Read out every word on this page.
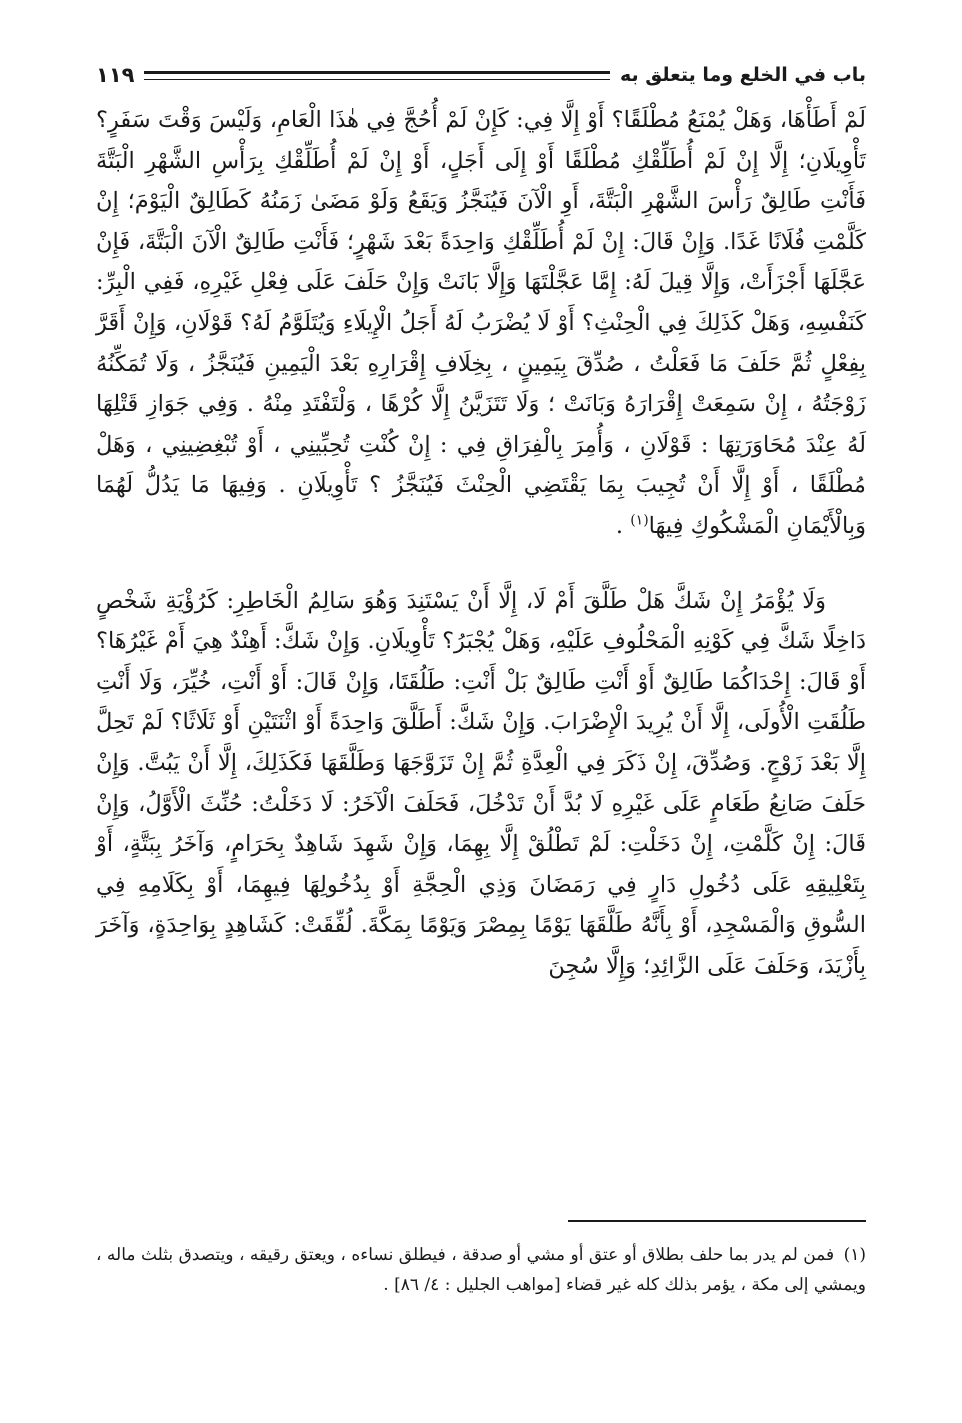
باب في الخلع وما يتعلق به
١١٩

لَمْ أَطَأْهَا، وَهَلْ يُمْنَعُ مُطْلَقًا؟ أَوْ إِلَّا فِي: كَإِنْ لَمْ أُحُجَّ فِي هٰذَا الْعَامِ، وَلَيْسَ وَقْتَ سَفَرٍ؟ تَأْوِيلَانِ؛ إِلَّا إِنْ لَمْ أُطَلِّقْكِ مُطْلَقًا أَوْ إِلَى أَجَلٍ، أَوْ إِنْ لَمْ أُطَلِّقْكِ بِرَأْسِ الشَّهْرِ الْبَتَّةَ فَأَنْتِ طَالِقٌ رَأْسَ الشَّهْرِ الْبَتَّةَ، أَوِ الْآنَ فَيُنَجَّزُ وَيَقَعُ وَلَوْ مَضَىٰ زَمَنُهُ كَطَالِقٌ الْيَوْمَ؛ إِنْ كَلَّمْتِ فُلَانًا غَدًا. وَإِنْ قَالَ: إِنْ لَمْ أُطَلِّقْكِ وَاحِدَةً بَعْدَ شَهْرٍ؛ فَأَنْتِ طَالِقٌ الْآنَ الْبَتَّةَ، فَإِنْ عَجَّلَهَا أَجْزَأَتْ، وَإِلَّا قِيلَ لَهُ: إِمَّا عَجَّلْتَهَا وَإِلَّا بَانَتْ وَإِنْ حَلَفَ عَلَى فِعْلِ غَيْرِهِ، فَفِي الْبِرِّ: كَنَفْسِهِ، وَهَلْ كَذَلِكَ فِي الْحِنْثِ؟ أَوْ لَا يُضْرَبُ لَهُ أَجَلُ الْإِيلَاءِ وَيُتَلَوَّمُ لَهُ؟ قَوْلَانِ، وَإِنْ أَقَرَّ بِفِعْلٍ ثُمَّ حَلَفَ مَا فَعَلْتُ ، صُدِّقَ بِيَمِينٍ ، بِخِلَافِ إِقْرَارِهِ بَعْدَ الْيَمِينِ فَيُنَجَّزُ ، وَلَا تُمَكِّنُهُ زَوْجَتُهُ ، إِنْ سَمِعَتْ إِقْرَارَهُ وَبَانَتْ ؛ وَلَا تَتَزَيَّنُ إِلَّا كُرْهًا ، وَلْتَفْتَدِ مِنْهُ . وَفِي جَوَازِ قَتْلِهَا لَهُ عِنْدَ مُحَاوَرَتِهَا : قَوْلَانِ ، وَأُمِرَ بِالْفِرَاقِ فِي : إِنْ كُنْتِ تُحِبِّينِي ، أَوْ تُبْغِضِينِي ، وَهَلْ مُطْلَقًا ، أَوْ إِلَّا أَنْ تُجِيبَ بِمَا يَقْتَضِي الْحِنْثَ فَيُنَجَّزُ ؟ تَأْوِيلَانِ . وَفِيهَا مَا يَدُلُّ لَهُمَا وَبِالْأَيْمَانِ الْمَشْكُوكِ فِيهَا$^{(١)}$ .

وَلَا يُؤْمَرُ إِنْ شَكَّ هَلْ طَلَّقَ أَمْ لَا، إِلَّا أَنْ يَسْتَنِدَ وَهُوَ سَالِمُ الْخَاطِرِ: كَرُؤْيَةِ شَخْصٍ دَاخِلًا شَكَّ فِي كَوْنِهِ الْمَحْلُوفِ عَلَيْهِ، وَهَلْ يُجْبَرُ؟ تَأْوِيلَانِ. وَإِنْ شَكَّ: أَهِنْدٌ هِيَ أَمْ غَيْرُهَا؟ أَوْ قَالَ: إِحْدَاكُمَا طَالِقٌ أَوْ أَنْتِ طَالِقٌ بَلْ أَنْتِ: طَلُقَتَا، وَإِنْ قَالَ: أَوْ أَنْتِ، خُيِّرَ، وَلَا أَنْتِ طَلُقَتِ الْأُولَى، إِلَّا أَنْ يُرِيدَ الْإِضْرَابَ. وَإِنْ شَكَّ: أَطَلَّقَ وَاحِدَةً أَوْ اثْنَتَيْنِ أَوْ ثَلَاثًا؟ لَمْ تَحِلَّ إِلَّا بَعْدَ زَوْجٍ. وَصُدِّقَ، إِنْ ذَكَرَ فِي الْعِدَّةِ ثُمَّ إِنْ تَزَوَّجَهَا وَطَلَّقَهَا فَكَذَلِكَ، إِلَّا أَنْ يَبُتَّ. وَإِنْ حَلَفَ صَانِعُ طَعَامٍ عَلَى غَيْرِهِ لَا بُدَّ أَنْ تَدْخُلَ، فَحَلَفَ الْآخَرُ: لَا دَخَلْتُ: حُنِّثَ الْأَوَّلُ، وَإِنْ قَالَ: إِنْ كَلَّمْتِ، إِنْ دَخَلْتِ: لَمْ تَطْلُقْ إِلَّا بِهِمَا، وَإِنْ شَهِدَ شَاهِدٌ بِحَرَامٍ، وَآخَرُ بِبَتَّةٍ، أَوْ بِتَعْلِيقِهِ عَلَى دُخُولِ دَارٍ فِي رَمَضَانَ وَذِي الْحِجَّةِ أَوْ بِدُخُولِهَا فِيهِمَا، أَوْ بِكَلَامِهِ فِي السُّوقِ وَالْمَسْجِدِ، أَوْ بِأَنَّهُ طَلَّقَهَا يَوْمًا بِمِصْرَ وَيَوْمًا بِمَكَّةَ. لُفِّقَتْ: كَشَاهِدٍ بِوَاحِدَةٍ، وَآخَرَ بِأَزْيَدَ، وَحَلَفَ عَلَى الزَّائِدِ؛ وَإِلَّا سُجِنَ

(١) فمن لم يدر بما حلف بطلاق أو عتق أو مشي أو صدقة ، فيطلق نساءه ، ويعتق رقيقه ، ويتصدق بثلث ماله ، ويمشي إلى مكة ، يؤمر بذلك كله غير قضاء [مواهب الجليل : ٤/ ٨٦] .
